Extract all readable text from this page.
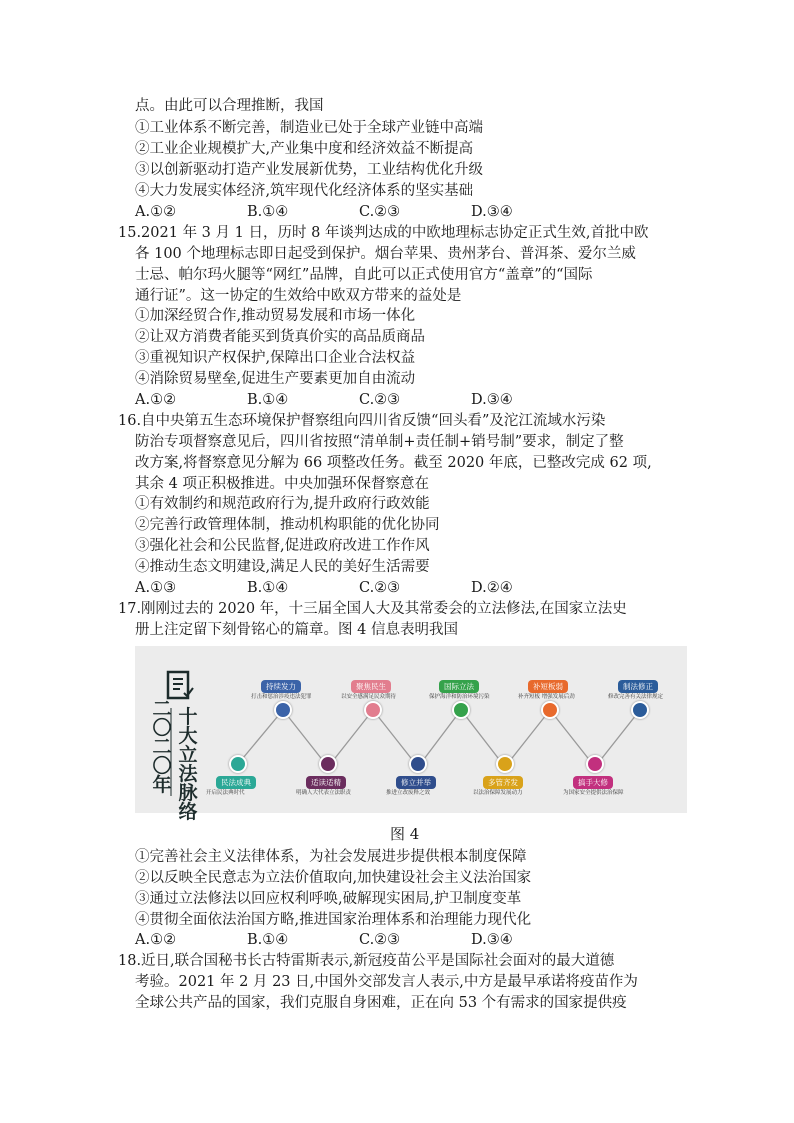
点。由此可以合理推断，我国
①工业体系不断完善，制造业已处于全球产业链中高端
②工业企业规模扩大,产业集中度和经济效益不断提高
③以创新驱动打造产业发展新优势，工业结构优化升级
④大力发展实体经济,筑牢现代化经济体系的坚实基础
A.①②	B.①④	C.②③	D.③④
15.2021 年 3 月 1 日，历时 8 年谈判达成的中欧地理标志协定正式生效,首批中欧
各 100 个地理标志即日起受到保护。烟台苹果、贵州茅台、普洱茶、爱尔兰威
士忌、帕尔玛火腿等“网红”品牌，自此可以正式使用官方“盖章”的“国际
通行证”。这一协定的生效给中欧双方带来的益处是
①加深经贸合作,推动贸易发展和市场一体化
②让双方消费者能买到货真价实的高品质商品
③重视知识产权保护,保障出口企业合法权益
④消除贸易壁垒,促进生产要素更加自由流动
A.①②	B.①④	C.②③	D.③④
16.自中央第五生态环境保护督察组向四川省反馈“回头看”及沱江流域水污染
防治专项督察意见后，四川省按照“清单制+责任制+销号制”要求，制定了整
改方案,将督察意见分解为 66 项整改任务。截至 2020 年底，已整改完成 62 项,
其余 4 项正积极推进。中央加强环保督察意在
①有效制约和规范政府行为,提升政府行政效能
②完善行政管理体制，推动机构职能的优化协同
③强化社会和公民监督,促进政府改进工作作风
④推动生态文明建设,满足人民的美好生活需要
A.①③	B.①④	C.②③	D.②④
17.刚刚过去的 2020 年，十三届全国人大及其常委会的立法修法,在国家立法史
册上注定留下刻骨铭心的篇章。图 4 信息表明我国
持续发力
打击和惩治涉疫违法犯罪
聚焦民生
以安全感满足民众期待
国际立法
保护海洋和防治环境污染
补短板弱
补齐短板 增强发展后劲
制法修正
修改完善有关法律规定
民法成典
开启民法典时代
适读适精
明确人大代表立法职责
修立并举
推进立改废释之效
多管齐发
以法治保障发展动力
搞手大修
为国家安全提供法治保障
二〇二〇年
十大立法脉络
图 4
①完善社会主义法律体系，为社会发展进步提供根本制度保障
②以反映全民意志为立法价值取向,加快建设社会主义法治国家
③通过立法修法以回应权利呼唤,破解现实困局,护卫制度变革
④贯彻全面依法治国方略,推进国家治理体系和治理能力现代化
A.①②	B.①④	C.②③	D.③④
18.近日,联合国秘书长古特雷斯表示,新冠疫苗公平是国际社会面对的最大道德
考验。2021 年 2 月 23 日,中国外交部发言人表示,中方是最早承诺将疫苗作为
全球公共产品的国家，我们克服自身困难，正在向 53 个有需求的国家提供疫
